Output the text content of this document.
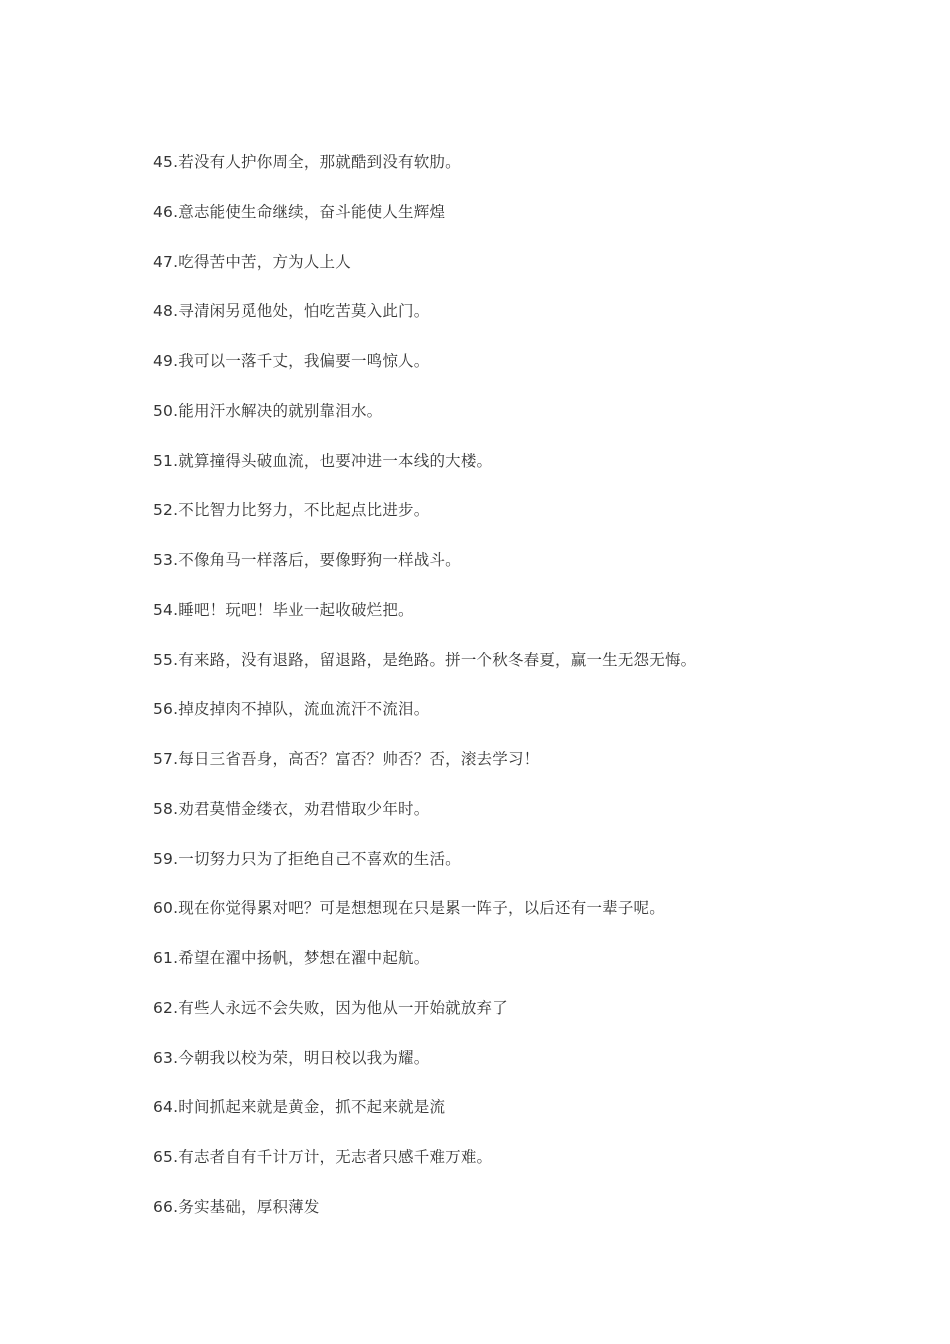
45.若没有人护你周全，那就酷到没有软肋。
46.意志能使生命继续，奋斗能使人生辉煌
47.吃得苦中苦，方为人上人
48.寻清闲另觅他处，怕吃苦莫入此门。
49.我可以一落千丈，我偏要一鸣惊人。
50.能用汗水解决的就别靠泪水。
51.就算撞得头破血流，也要冲进一本线的大楼。
52.不比智力比努力，不比起点比进步。
53.不像角马一样落后，要像野狗一样战斗。
54.睡吧！玩吧！毕业一起收破烂把。
55.有来路，没有退路，留退路，是绝路。拼一个秋冬春夏，赢一生无怨无悔。
56.掉皮掉肉不掉队，流血流汗不流泪。
57.每日三省吾身，高否？富否？帅否？否，滚去学习！
58.劝君莫惜金缕衣，劝君惜取少年时。
59.一切努力只为了拒绝自己不喜欢的生活。
60.现在你觉得累对吧？可是想想现在只是累一阵子，以后还有一辈子呢。
61.希望在濯中扬帆，梦想在濯中起航。
62.有些人永远不会失败，因为他从一开始就放弃了
63.今朝我以校为荣，明日校以我为耀。
64.时间抓起来就是黄金，抓不起来就是流
65.有志者自有千计万计，无志者只感千难万难。
66.务实基础，厚积薄发
